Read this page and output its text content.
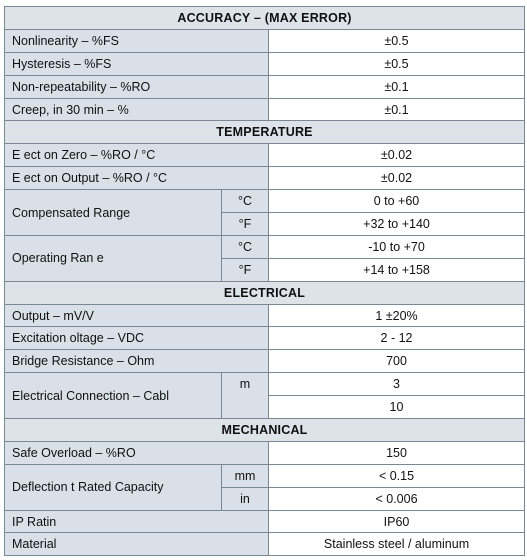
ACCURACY – (MAX ERROR)		
Nonlinearity – %FS		±0.5
Hysteresis – %FS		±0.5
Non-repeatability – %RO		±0.1
Creep, in 30 min – %		±0.1
TEMPERATURE		
E ect on Zero – %RO / °C		±0.02
E ect on Output – %RO / °C		±0.02
Compensated Range	°C	0 to +60
	°F	+32 to +140
Operating Ran e	°C	-10 to +70
	°F	+14 to +158
ELECTRICAL		
Output – mV/V		1 ±20%
Excitation oltage – VDC		2 - 12
Bridge Resistance – Ohm		700
Electrical Connection – Cabl	m	3
		10
MECHANICAL		
Safe Overload – %RO		150
Deflection t Rated Capacity	mm	< 0.15
	in	< 0.006
IP Ratin		IP60
Material		Stainless steel / aluminum
